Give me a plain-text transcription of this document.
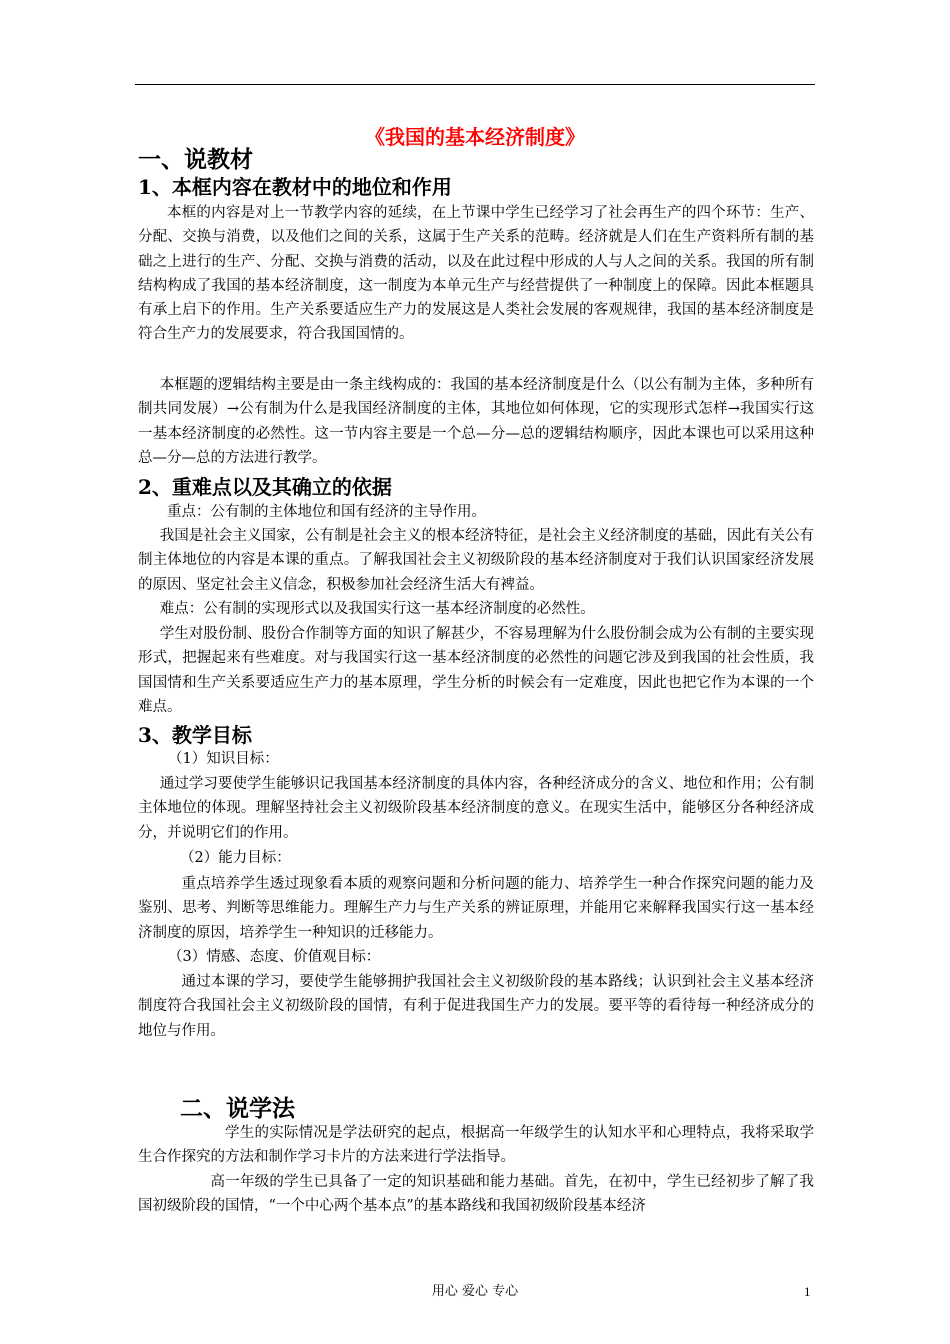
《我国的基本经济制度》
一、说教材
1、本框内容在教材中的地位和作用
本框的内容是对上一节教学内容的延续，在上节课中学生已经学习了社会再生产的四个环节：生产、分配、交换与消费，以及他们之间的关系，这属于生产关系的范畴。经济就是人们在生产资料所有制的基础之上进行的生产、分配、交换与消费的活动，以及在此过程中形成的人与人之间的关系。我国的所有制结构构成了我国的基本经济制度，这一制度为本单元生产与经营提供了一种制度上的保障。因此本框题具有承上启下的作用。生产关系要适应生产力的发展这是人类社会发展的客观规律，我国的基本经济制度是符合生产力的发展要求，符合我国国情的。
本框题的逻辑结构主要是由一条主线构成的：我国的基本经济制度是什么（以公有制为主体，多种所有制共同发展）→公有制为什么是我国经济制度的主体，其地位如何体现，它的实现形式怎样→我国实行这一基本经济制度的必然性。这一节内容主要是一个总—分—总的逻辑结构顺序，因此本课也可以采用这种总—分—总的方法进行教学。
2、重难点以及其确立的依据
重点：公有制的主体地位和国有经济的主导作用。
我国是社会主义国家，公有制是社会主义的根本经济特征，是社会主义经济制度的基础，因此有关公有制主体地位的内容是本课的重点。了解我国社会主义初级阶段的基本经济制度对于我们认识国家经济发展的原因、坚定社会主义信念，积极参加社会经济生活大有裨益。
难点：公有制的实现形式以及我国实行这一基本经济制度的必然性。
学生对股份制、股份合作制等方面的知识了解甚少，不容易理解为什么股份制会成为公有制的主要实现形式，把握起来有些难度。对与我国实行这一基本经济制度的必然性的问题它涉及到我国的社会性质，我国国情和生产关系要适应生产力的基本原理，学生分析的时候会有一定难度，因此也把它作为本课的一个难点。
3、教学目标
（1）知识目标：
通过学习要使学生能够识记我国基本经济制度的具体内容，各种经济成分的含义、地位和作用；公有制主体地位的体现。理解坚持社会主义初级阶段基本经济制度的意义。在现实生活中，能够区分各种经济成分，并说明它们的作用。
（2）能力目标：
重点培养学生透过现象看本质的观察问题和分析问题的能力、培养学生一种合作探究问题的能力及鉴别、思考、判断等思维能力。理解生产力与生产关系的辨证原理，并能用它来解释我国实行这一基本经济制度的原因，培养学生一种知识的迁移能力。
（3）情感、态度、价值观目标：
通过本课的学习，要使学生能够拥护我国社会主义初级阶段的基本路线；认识到社会主义基本经济制度符合我国社会主义初级阶段的国情，有利于促进我国生产力的发展。要平等的看待每一种经济成分的地位与作用。
二、说学法
学生的实际情况是学法研究的起点，根据高一年级学生的认知水平和心理特点，我将采取学生合作探究的方法和制作学习卡片的方法来进行学法指导。
高一年级的学生已具备了一定的知识基础和能力基础。首先，在初中，学生已经初步了解了我国初级阶段的国情，“一个中心两个基本点”的基本路线和我国初级阶段基本经济
用心 爱心 专心	1
